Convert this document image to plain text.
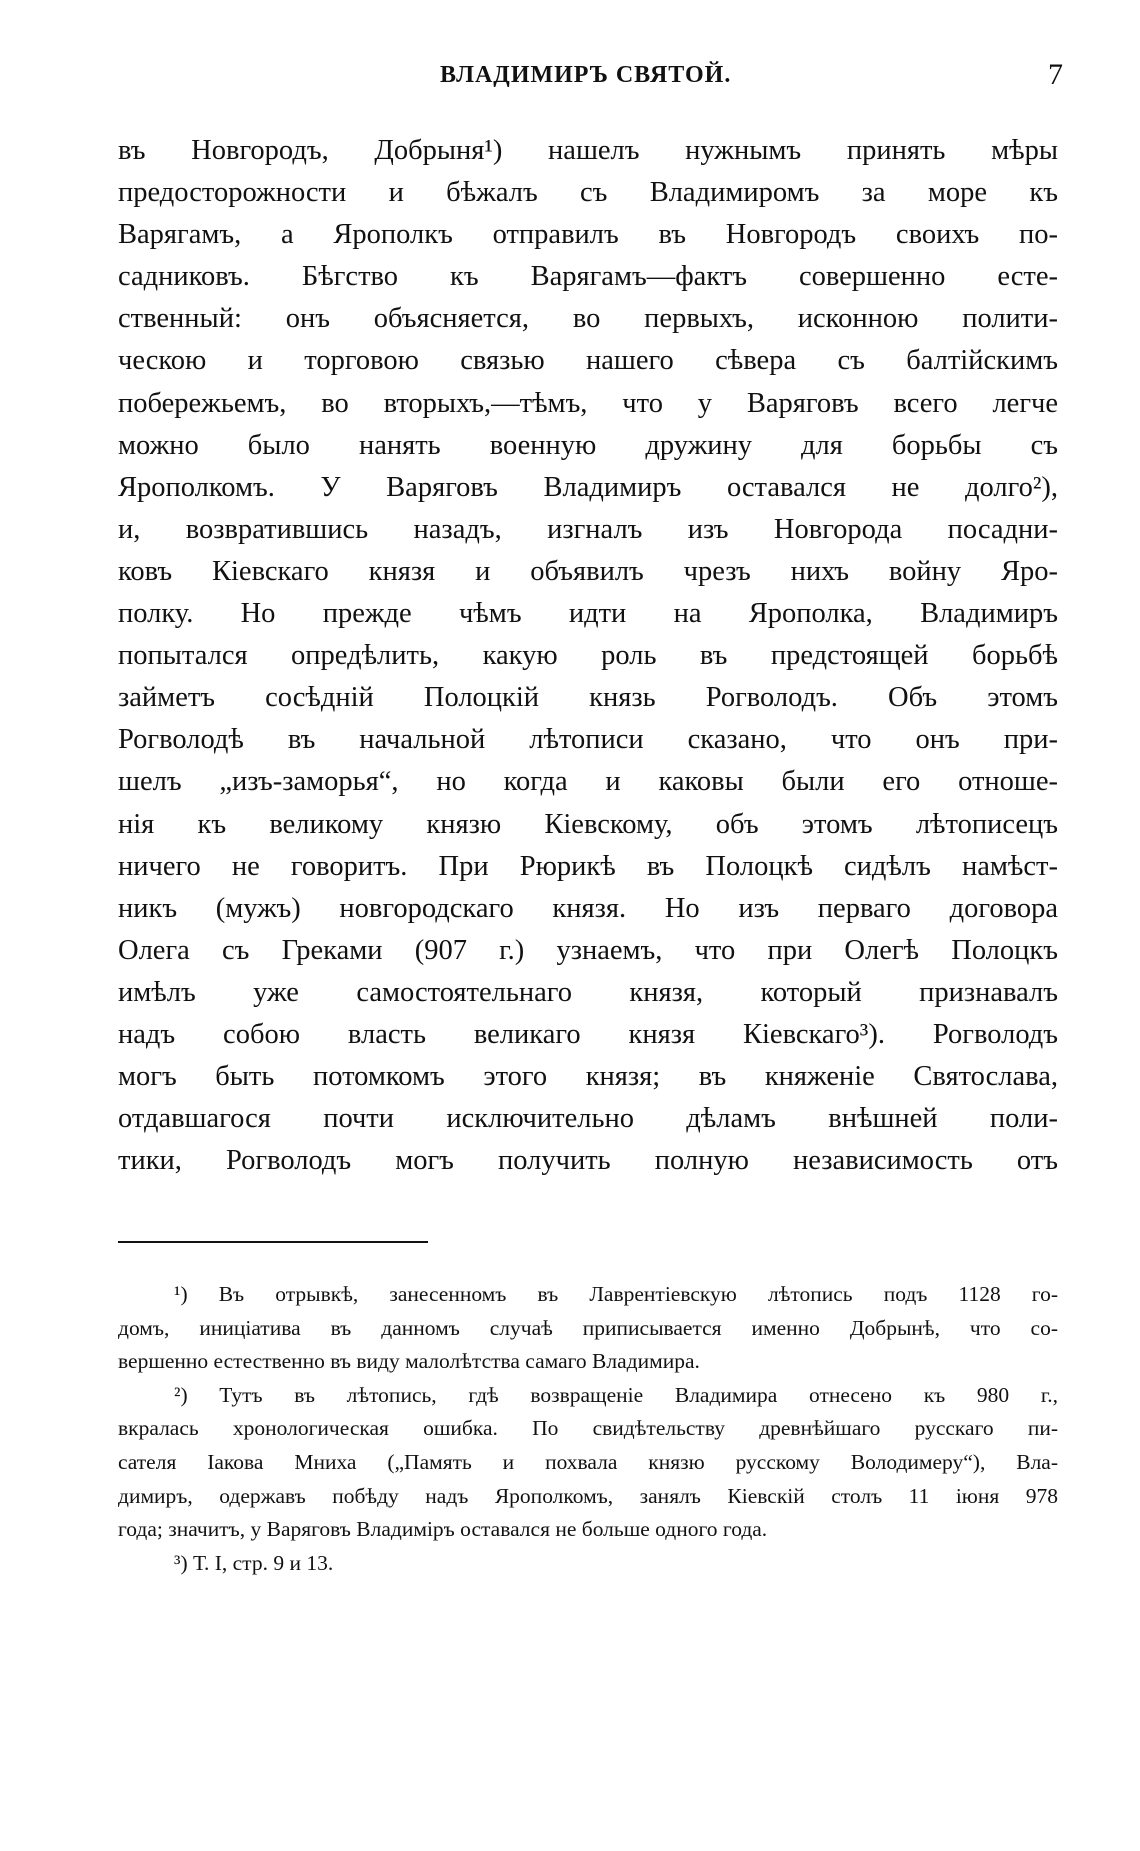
ВЛАДИМИРЪ СВЯТОЙ.	7
въ Новгородъ, Добрыня¹) нашелъ нужнымъ принять мѣры
предосторожности и бѣжалъ съ Владимиромъ за море къ
Варягамъ, а Ярополкъ отправилъ въ Новгородъ своихъ по-
садниковъ. Бѣгство къ Варягамъ—фактъ совершенно есте-
ственный: онъ объясняется, во первыхъ, исконною полити-
ческою и торговою связью нашего сѣвера съ балтійскимъ
побережьемъ, во вторыхъ,—тѣмъ, что у Варяговъ всего легче
можно было нанять военную дружину для борьбы съ
Ярополкомъ. У Варяговъ Владимиръ оставался не долго²),
и, возвратившись назадъ, изгналъ изъ Новгорода посадни-
ковъ Кіевскаго князя и объявилъ чрезъ нихъ войну Яро-
полку. Но прежде чѣмъ идти на Ярополка, Владимиръ
попытался опредѣлить, какую роль въ предстоящей борьбѣ
займетъ сосѣдній Полоцкій князь Рогволодъ. Объ этомъ
Рогволодѣ въ начальной лѣтописи сказано, что онъ при-
шелъ „изъ-заморья“, но когда и каковы были его отноше-
нія къ великому князю Кіевскому, объ этомъ лѣтописецъ
ничего не говоритъ. При Рюрикѣ въ Полоцкѣ сидѣлъ намѣст-
никъ (мужъ) новгородскаго князя. Но изъ перваго договора
Олега съ Греками (907 г.) узнаемъ, что при Олегѣ Полоцкъ
имѣлъ уже самостоятельнаго князя, который признавалъ
надъ собою власть великаго князя Кіевскаго³). Рогволодъ
могъ быть потомкомъ этого князя; въ княженіе Святослава,
отдавшагося почти исключительно дѣламъ внѣшней поли-
тики, Рогволодъ могъ получить полную независимость отъ
¹) Въ отрывкѣ, занесенномъ въ Лаврентіевскую лѣтопись подъ 1128 го-
домъ, иниціатива въ данномъ случаѣ приписывается именно Добрынѣ, что со-
вершенно естественно въ виду малолѣтства самаго Владимира.
²) Тутъ въ лѣтопись, гдѣ возвращеніе Владимира отнесено къ 980 г.,
вкралась хронологическая ошибка. По свидѣтельству древнѣйшаго русскаго пи-
сателя Іакова Мниха („Память и похвала князю русскому Володимеру“), Вла-
димиръ, одержавъ побѣду надъ Ярополкомъ, занялъ Кіевскій столъ 11 іюня 978
года; значитъ, у Варяговъ Владиміръ оставался не больше одного года.
³) Т. I, стр. 9 и 13.
